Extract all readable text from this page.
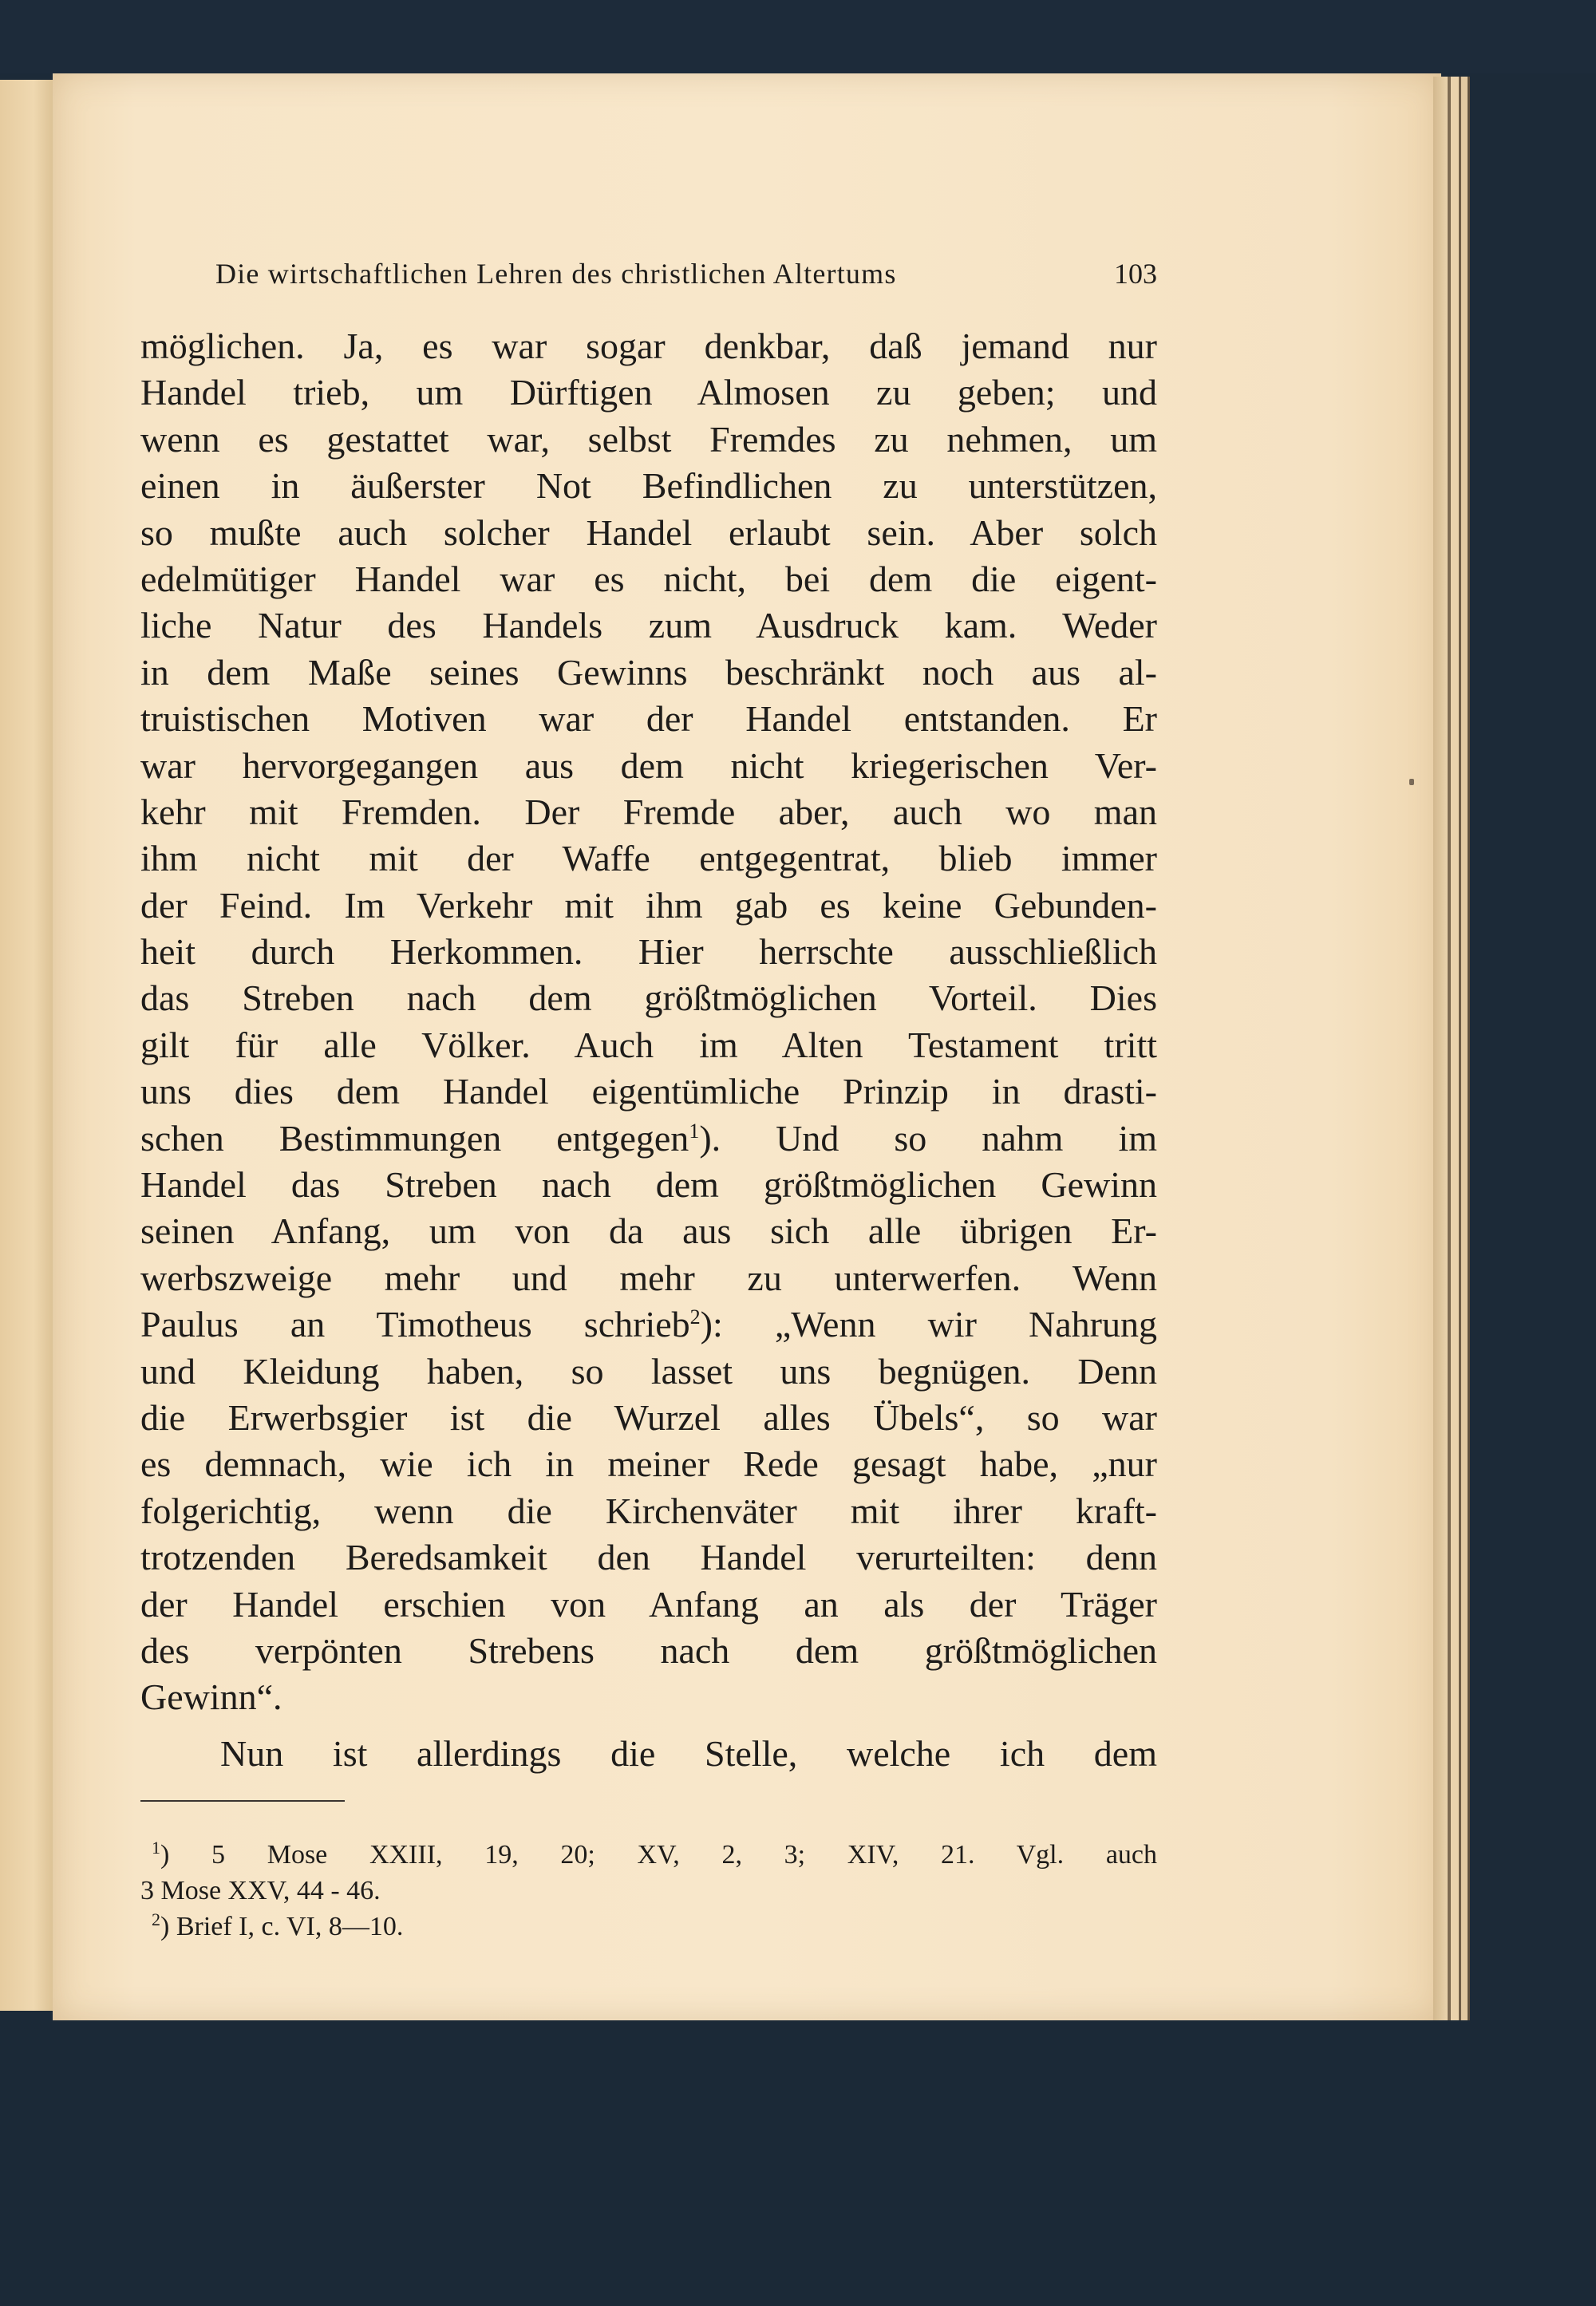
Die wirtschaftlichen Lehren des christlichen Altertums	103
möglichen. Ja, es war sogar denkbar, daß jemand nur
Handel trieb, um Dürftigen Almosen zu geben; und
wenn es gestattet war, selbst Fremdes zu nehmen, um
einen in äußerster Not Befindlichen zu unterstützen,
so mußte auch solcher Handel erlaubt sein. Aber solch
edelmütiger Handel war es nicht, bei dem die eigent-
liche Natur des Handels zum Ausdruck kam. Weder
in dem Maße seines Gewinns beschränkt noch aus al-
truistischen Motiven war der Handel entstanden. Er
war hervorgegangen aus dem nicht kriegerischen Ver-
kehr mit Fremden. Der Fremde aber, auch wo man
ihm nicht mit der Waffe entgegentrat, blieb immer
der Feind. Im Verkehr mit ihm gab es keine Gebunden-
heit durch Herkommen. Hier herrschte ausschließlich
das Streben nach dem größtmöglichen Vorteil. Dies
gilt für alle Völker. Auch im Alten Testament tritt
uns dies dem Handel eigentümliche Prinzip in drasti-
schen Bestimmungen entgegen$^1$). Und so nahm im
Handel das Streben nach dem größtmöglichen Gewinn
seinen Anfang, um von da aus sich alle übrigen Er-
werbszweige mehr und mehr zu unterwerfen. Wenn
Paulus an Timotheus schrieb$^2$): „Wenn wir Nahrung
und Kleidung haben, so lasset uns begnügen. Denn
die Erwerbsgier ist die Wurzel alles Übels“, so war
es demnach, wie ich in meiner Rede gesagt habe, „nur
folgerichtig, wenn die Kirchenväter mit ihrer kraft-
trotzenden Beredsamkeit den Handel verurteilten: denn
der Handel erschien von Anfang an als der Träger
des verpönten Strebens nach dem größtmöglichen
Gewinn“.
Nun ist allerdings die Stelle, welche ich dem
$^1$) 5 Mose XXIII, 19, 20; XV, 2, 3; XIV, 21. Vgl. auch
3 Mose XXV, 44 - 46.
$^2$) Brief I, c. VI, 8—10.
